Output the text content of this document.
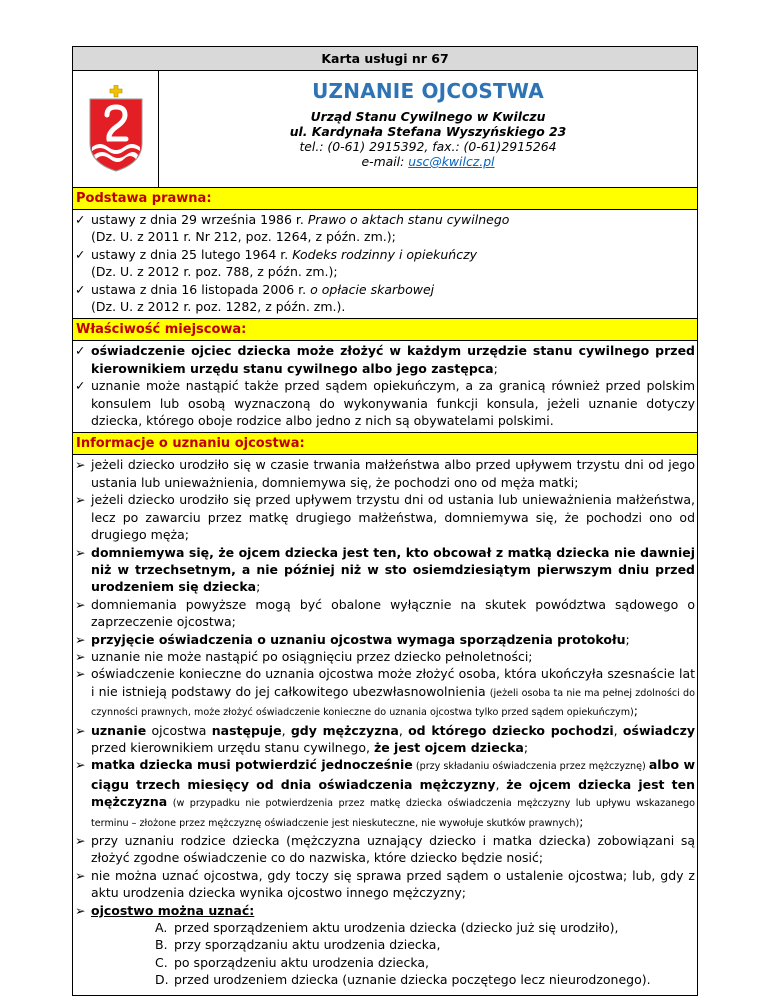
Karta usługi nr 67
UZNANIE OJCOSTWA
Urząd Stanu Cywilnego w Kwilczu
ul. Kardynała Stefana Wyszyńskiego 23
tel.: (0-61) 2915392, fax.: (0-61)2915264
e-mail: usc@kwilcz.pl
Podstawa prawna:
✓ ustawy z dnia 29 września 1986 r. Prawo o aktach stanu cywilnego
(Dz. U. z 2011 r. Nr 212, poz. 1264, z późn. zm.);
✓ ustawy z dnia 25 lutego 1964 r. Kodeks rodzinny i opiekuńczy
(Dz. U. z 2012 r. poz. 788, z późn. zm.);
✓ ustawa z dnia 16 listopada 2006 r. o opłacie skarbowej
(Dz. U. z 2012 r. poz. 1282, z późn. zm.).
Właściwość miejscowa:
✓ oświadczenie ojciec dziecka może złożyć w każdym urzędzie stanu cywilnego przed kierownikiem urzędu stanu cywilnego albo jego zastępca;
✓ uznanie może nastąpić także przed sądem opiekuńczym, a za granicą również przed polskim konsulem lub osobą wyznaczoną do wykonywania funkcji konsula, jeżeli uznanie dotyczy dziecka, którego oboje rodzice albo jedno z nich są obywatelami polskimi.
Informacje o uznaniu ojcostwa:
➢ jeżeli dziecko urodziło się w czasie trwania małżeństwa albo przed upływem trzystu dni od jego ustania lub unieważnienia, domniemywa się, że pochodzi ono od męża matki;
➢ jeżeli dziecko urodziło się przed upływem trzystu dni od ustania lub unieważnienia małżeństwa, lecz po zawarciu przez matkę drugiego małżeństwa, domniemywa się, że pochodzi ono od drugiego męża;
➢ domniemywa się, że ojcem dziecka jest ten, kto obcował z matką dziecka nie dawniej niż w trzechsetnym, a nie później niż w sto osiemdziesiątym pierwszym dniu przed urodzeniem się dziecka;
➢ domniemania powyższe mogą być obalone wyłącznie na skutek powództwa sądowego o zaprzeczenie ojcostwa;
➢ przyjęcie oświadczenia o uznaniu ojcostwa wymaga sporządzenia protokołu;
➢ uznanie nie może nastąpić po osiągnięciu przez dziecko pełnoletności;
➢ oświadczenie konieczne do uznania ojcostwa może złożyć osoba, która ukończyła szesnaście lat i nie istnieją podstawy do jej całkowitego ubezwłasnowolnienia (jeżeli osoba ta nie ma pełnej zdolności do czynności prawnych, może złożyć oświadczenie konieczne do uznania ojcostwa tylko przed sądem opiekuńczym);
➢ uznanie ojcostwa następuje, gdy mężczyzna, od którego dziecko pochodzi, oświadczy przed kierownikiem urzędu stanu cywilnego, że jest ojcem dziecka;
➢ matka dziecka musi potwierdzić jednocześnie (przy składaniu oświadczenia przez mężczyznę) albo w ciągu trzech miesięcy od dnia oświadczenia mężczyzny, że ojcem dziecka jest ten mężczyzna (w przypadku nie potwierdzenia przez matkę dziecka oświadczenia mężczyzny lub upływu wskazanego terminu – złożone przez mężczyznę oświadczenie jest nieskuteczne, nie wywołuje skutków prawnych);
➢ przy uznaniu rodzice dziecka (mężczyzna uznający dziecko i matka dziecka) zobowiązani są złożyć zgodne oświadczenie co do nazwiska, które dziecko będzie nosić;
➢ nie można uznać ojcostwa, gdy toczy się sprawa przed sądem o ustalenie ojcostwa; lub, gdy z aktu urodzenia dziecka wynika ojcostwo innego mężczyzny;
➢ ojcostwo można uznać:
A. przed sporządzeniem aktu urodzenia dziecka (dziecko już się urodziło),
B. przy sporządzaniu aktu urodzenia dziecka,
C. po sporządzeniu aktu urodzenia dziecka,
D. przed urodzeniem dziecka (uznanie dziecka poczętego lecz nieurodzonego).
